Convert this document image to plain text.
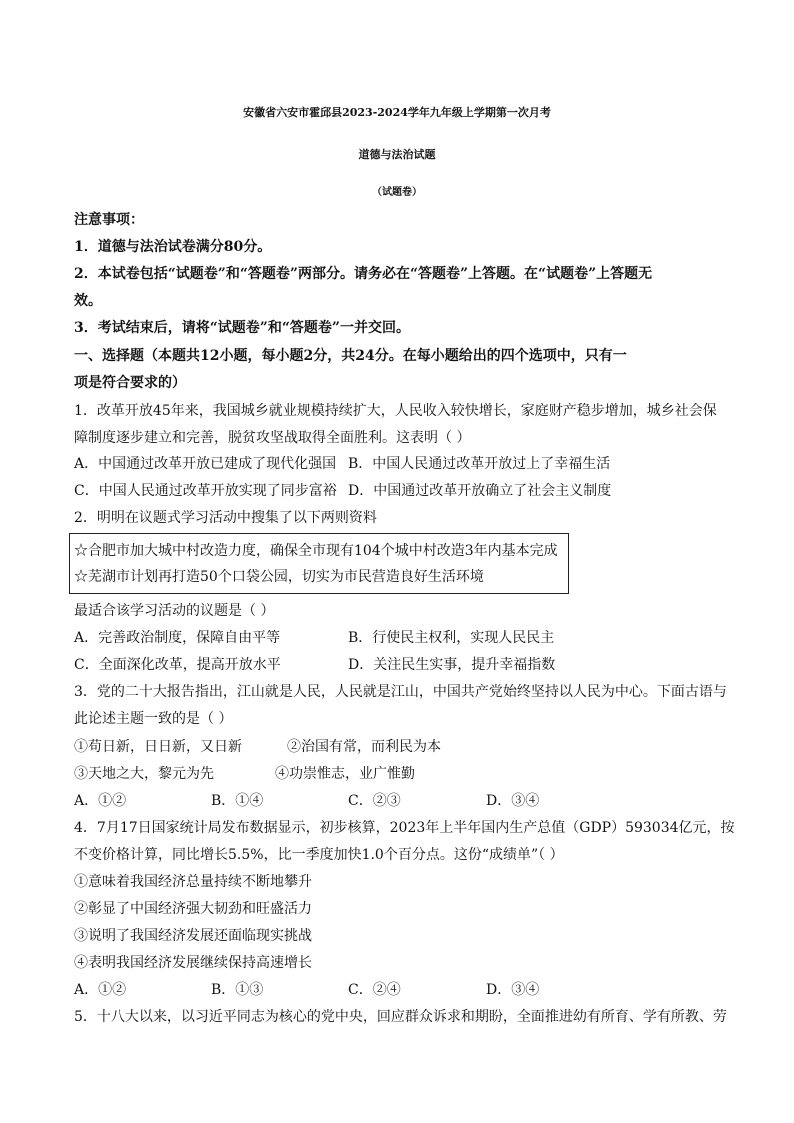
安徽省六安市霍邱县2023-2024学年九年级上学期第一次月考
道德与法治试题
（试题卷）
注意事项：
1．道德与法治试卷满分80分。
2．本试卷包括“试题卷”和“答题卷”两部分。请务必在“答题卷”上答题。在“试题卷”上答题无
效。
3．考试结束后，请将“试题卷”和“答题卷”一并交回。
一、选择题（本题共12小题，每小题2分，共24分。在每小题给出的四个选项中，只有一
项是符合要求的）
1．改革开放45年来，我国城乡就业规模持续扩大，人民收入较快增长，家庭财产稳步增加，城乡社会保
障制度逐步建立和完善，脱贫攻坚战取得全面胜利。这表明（ ）
A．中国通过改革开放已建成了现代化强国 B．中国人民通过改革开放过上了幸福生活
C．中国人民通过改革开放实现了同步富裕 D．中国通过改革开放确立了社会主义制度
2．明明在议题式学习活动中搜集了以下两则资料
☆合肥市加大城中村改造力度，确保全市现有104个城中村改造3年内基本完成
☆芜湖市计划再打造50个口袋公园，切实为市民营造良好生活环境
最适合该学习活动的议题是（ ）
A．完善政治制度，保障自由平等	B．行使民主权利，实现人民民主
C．全面深化改革，提高开放水平	D．关注民生实事，提升幸福指数
3．党的二十大报告指出，江山就是人民，人民就是江山，中国共产党始终坚持以人民为中心。下面古语与
此论述主题一致的是（ ）
①苟日新，日日新，又日新	②治国有常，而利民为本
③天地之大，黎元为先	④功崇惟志，业广惟勤
A．①②	B．①④	C．②③	D．③④
4．7月17日国家统计局发布数据显示，初步核算，2023年上半年国内生产总值（GDP）593034亿元，按
不变价格计算，同比增长5.5%，比一季度加快1.0个百分点。这份“成绩单”（ ）
①意味着我国经济总量持续不断地攀升
②彰显了中国经济强大韧劲和旺盛活力
③说明了我国经济发展还面临现实挑战
④表明我国经济发展继续保持高速增长
A．①②	B．①③	C．②④	D．③④
5．十八大以来，以习近平同志为核心的党中央，回应群众诉求和期盼，全面推进幼有所育、学有所教、劳
